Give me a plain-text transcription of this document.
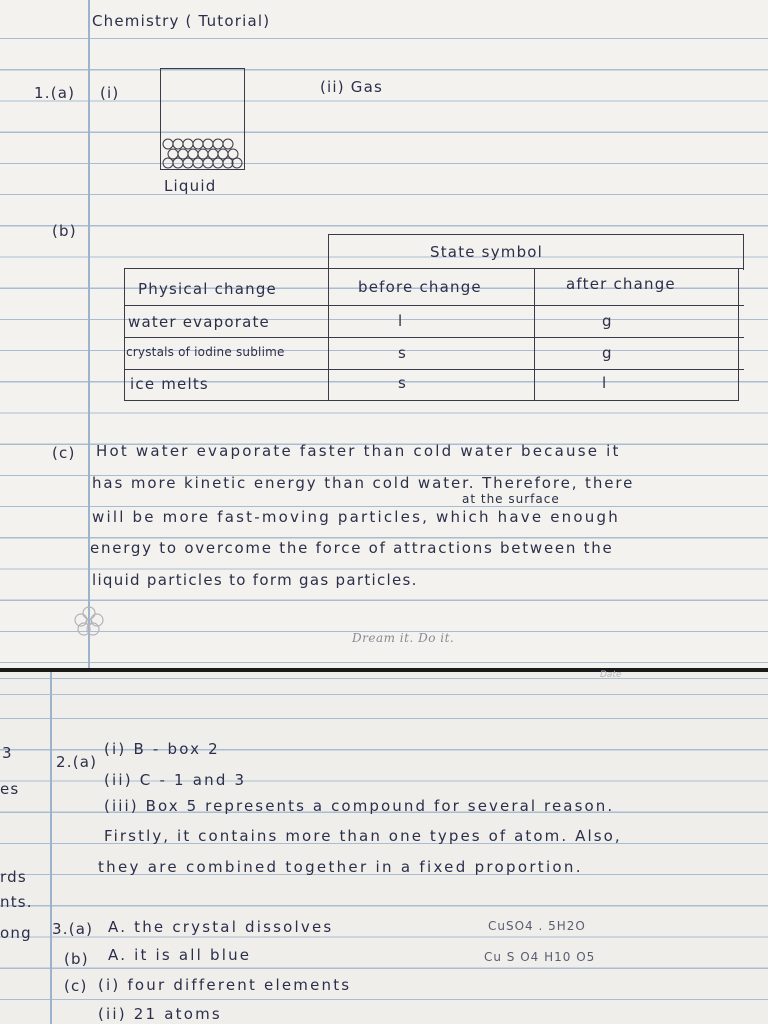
Chemistry ( Tutorial)
1.(a) (i)	(ii) Gas
Liquid
(b)
State symbol
Physical change	before change	after change
water evaporate	l	g
crystals of iodine sublime	s	g
ice melts	s	l
(c) Hot water evaporate faster than cold water because it
has more kinetic energy than cold water. Therefore, there
at the surface
will be more fast-moving particles, which have enough
energy to overcome the force of attractions between the
liquid particles to form gas particles.
Dream it. Do it.
Date
3
es
rds
nts.
ong
2.(a)
(i) B - box 2
(ii) C - 1 and 3
(iii) Box 5 represents a compound for several reason.
Firstly, it contains more than one types of atom. Also,
they are combined together in a fixed proportion.
3.(a) A. the crystal dissolves	CuSO4 . 5H2O
(b) A. it is all blue	Cu S O4 H10 O5
(c) (i) four different elements
(ii) 21 atoms
